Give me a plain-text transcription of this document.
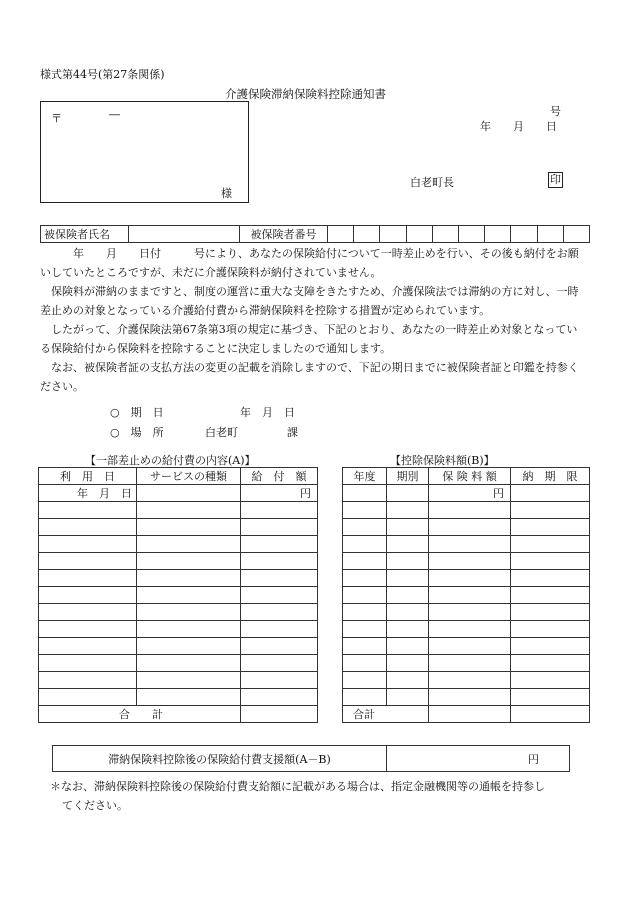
様式第44号(第27条関係)
介護保険滞納保険料控除通知書
〒	―
様
号
年　　月　　日
白老町長	印
被保険者氏名		被保険者番号										

　　年　　月　　日付　　　号により、あなたの保険給付について一時差止めを行い、その後も納付をお願いしていたところですが、未だに介護保険料が納付されていません。

保険料が滞納のままですと、制度の運営に重大な支障をきたすため、介護保険法では滞納の方に対し、一時差止めの対象となっている介護給付費から滞納保険料を控除する措置が定められています。

したがって、介護保険法第67条第3項の規定に基づき、下記のとおり、あなたの一時差止め対象となっている保険給付から保険料を控除することに決定しましたので通知します。

なお、被保険者証の支払方法の変更の記載を消除しますので、下記の期日までに被保険者証と印鑑を持参ください。

○　期　日	年　月　日
○　場　所	白老町	課
【一部差止めの給付費の内容(A)】	【控除保険料額(B)】
利　用　日	サービスの種類	給　付　額
年　月　日		円

合　　計		
年度	期別	保 険 料 額	納　期　限
		円	

合計			
滞納保険料控除後の保険給付費支援額(A－B)	円
＊なお、滞納保険料控除後の保険給付費支給額に記載がある場合は、指定金融機関等の通帳を持参し
てください。
